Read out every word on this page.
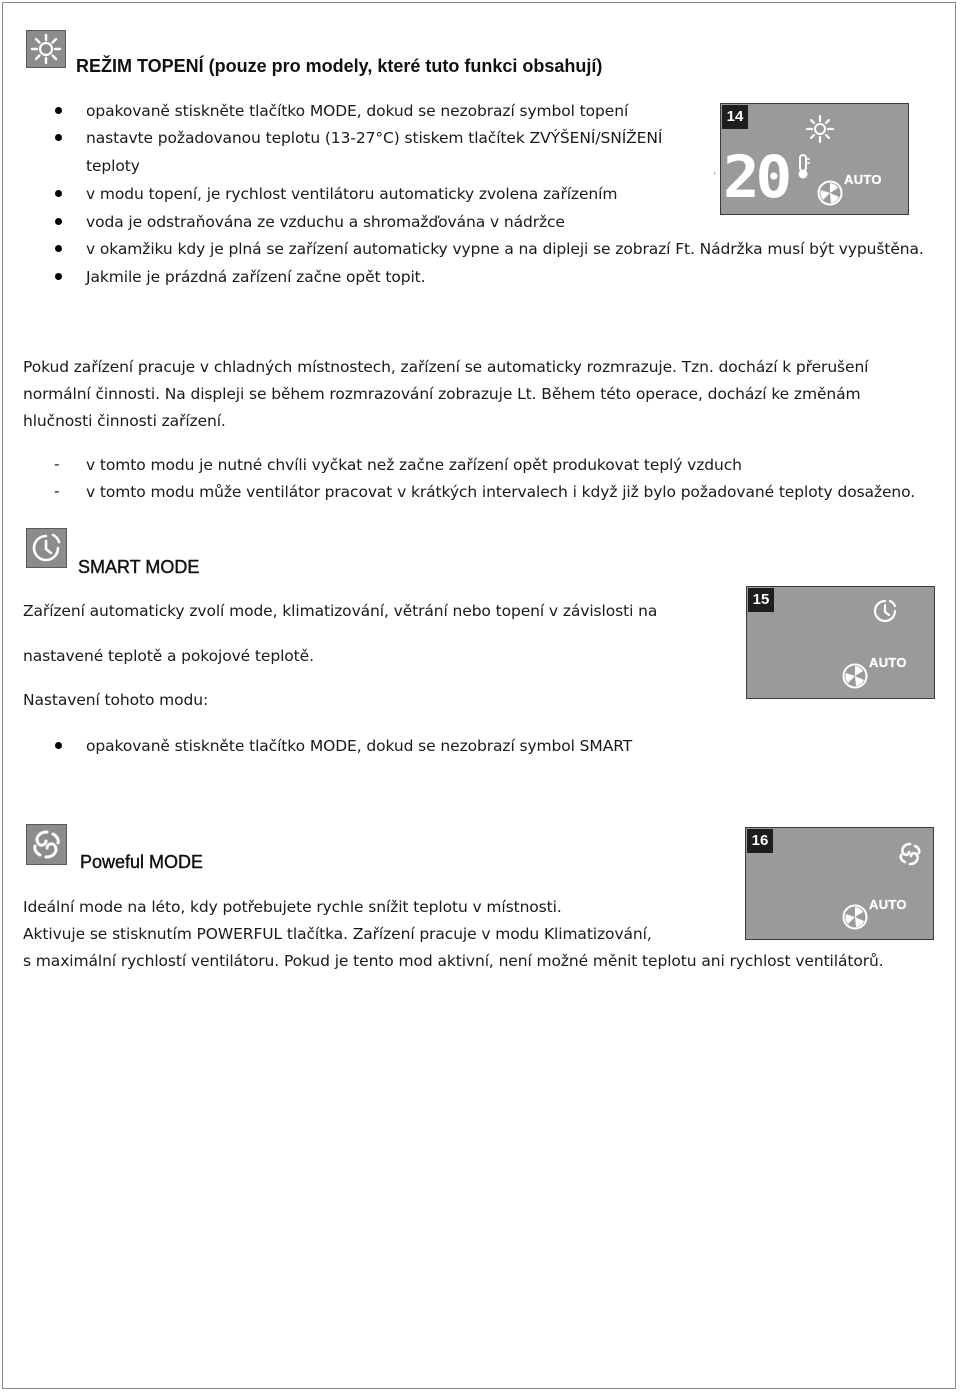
REŽIM TOPENÍ (pouze pro modely, které tuto funkci obsahují)
opakovaně stiskněte tlačítko MODE, dokud se nezobrazí symbol topení
nastavte požadovanou teplotu (13-27°C) stiskem tlačítek ZVÝŠENÍ/SNÍŽENÍ
teploty
v modu topení, je rychlost ventilátoru automaticky zvolena zařízením
voda je odstraňována ze vzduchu a shromažďována v nádržce
v okamžiku kdy je plná se zařízení automaticky vypne a na dipleji se zobrazí Ft. Nádržka musí být vypuštěna.
Jakmile je prázdná zařízení začne opět topit.
.
14
20	AUTO
Pokud zařízení pracuje v chladných místnostech, zařízení se automaticky rozmrazuje. Tzn. dochází k přerušení
normální činnosti. Na displeji se během rozmrazování zobrazuje Lt. Během této operace, dochází ke změnám
hlučnosti činnosti zařízení.
- v tomto modu je nutné chvíli vyčkat než začne zařízení opět produkovat teplý vzduch
- v tomto modu může ventilátor pracovat v krátkých intervalech i když již bylo požadované teploty dosaženo.
SMART MODE
Zařízení automaticky zvolí mode, klimatizování, větrání nebo topení v závislosti na
nastavené teplotě a pokojové teplotě.
Nastavení tohoto modu:
opakovaně stiskněte tlačítko MODE, dokud se nezobrazí symbol SMART
15
AUTO
Poweful MODE
Ideální mode na léto, kdy potřebujete rychle snížit teplotu v místnosti.
Aktivuje se stisknutím POWERFUL tlačítka. Zařízení pracuje v modu Klimatizování,
s maximální rychlostí ventilátoru. Pokud je tento mod aktivní, není možné měnit teplotu ani rychlost ventilátorů.
16
AUTO
